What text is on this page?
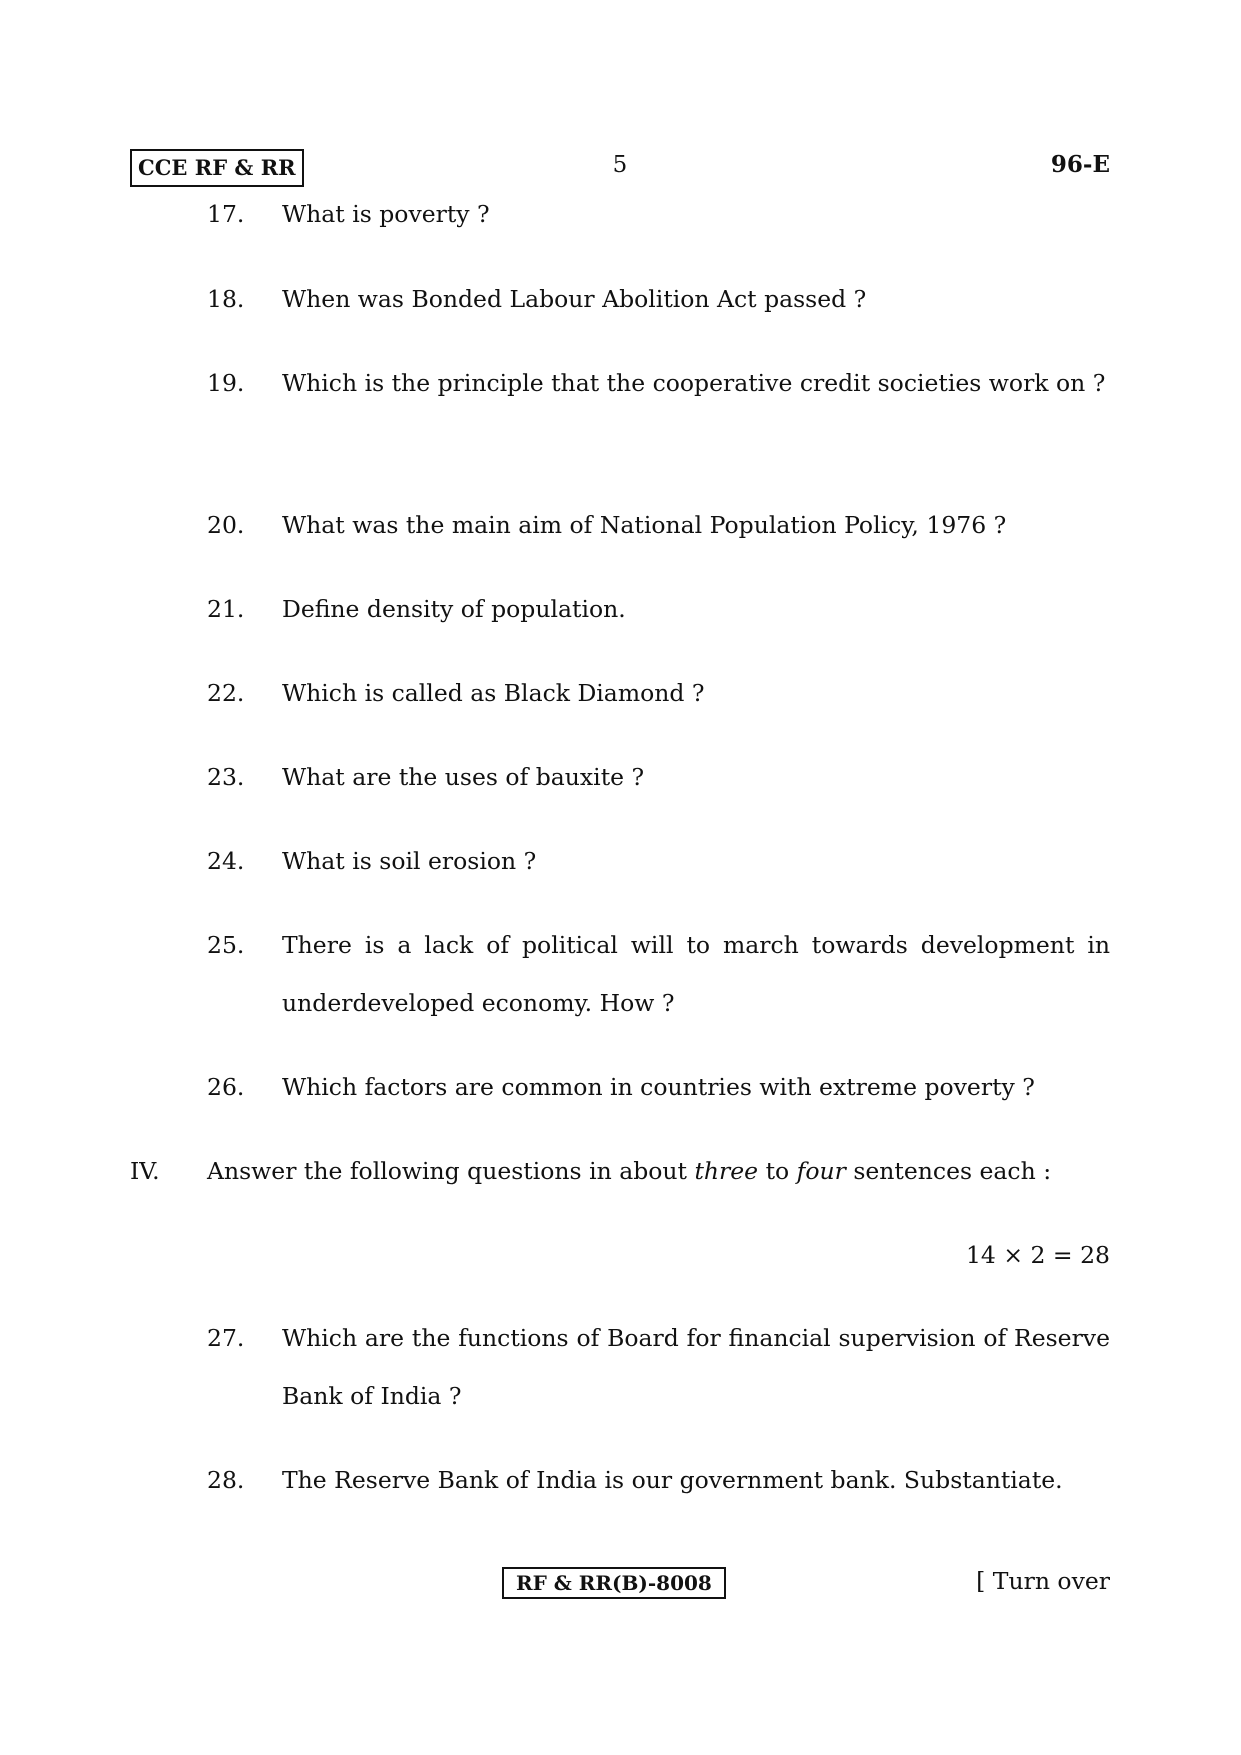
CCE RF & RR	5	96-E
17. What is poverty ?
18. When was Bonded Labour Abolition Act passed ?
19. Which is the principle that the cooperative credit societies work on ?
20. What was the main aim of National Population Policy, 1976 ?
21. Define density of population.
22. Which is called as Black Diamond ?
23. What are the uses of bauxite ?
24. What is soil erosion ?
25. There is a lack of political will to march towards development in underdeveloped economy. How ?
26. Which factors are common in countries with extreme poverty ?
IV. Answer the following questions in about three to four sentences each :
14 × 2 = 28
27. Which are the functions of Board for financial supervision of Reserve Bank of India ?
28. The Reserve Bank of India is our government bank. Substantiate.
RF & RR(B)-8008	[ Turn over
